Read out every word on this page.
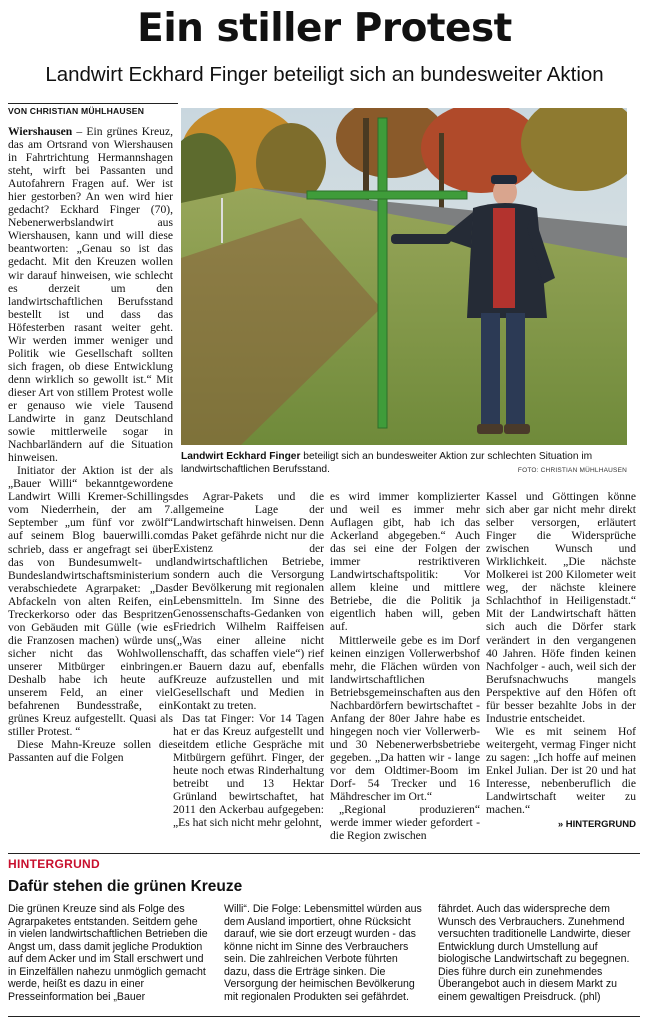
Ein stiller Protest
Landwirt Eckhard Finger beteiligt sich an bundesweiter Aktion
VON CHRISTIAN MÜHLHAUSEN

Wiershausen – Ein grünes Kreuz, das am Ortsrand von Wiershausen in Fahrtrichtung Hermannshagen steht, wirft bei Passanten und Autofahrern Fragen auf. Wer ist hier gestorben? An wen wird hier gedacht? Eckhard Finger (70), Nebenerwerbslandwirt aus Wiershausen, kann und will diese beantworten: „Genau so ist das gedacht. Mit den Kreuzen wollen wir darauf hinweisen, wie schlecht es derzeit um den landwirtschaftlichen Berufsstand bestellt ist und dass das Höfesterben rasant weiter geht. Wir werden immer weniger und Politik wie Gesellschaft sollten sich fragen, ob diese Entwicklung denn wirklich so gewollt ist.“ Mit dieser Art von stillem Protest wolle er genauso wie viele Tausend Landwirte in ganz Deutschland sowie mittlerweile sogar in Nachbarländern auf die Situation hinweisen.

Initiator der Aktion ist der als „Bauer Willi“ bekanntgewordene Landwirt Willi Kremer-Schillings vom Niederrhein, der am 7. September „um fünf vor zwölf“ auf seinem Blog bauerwilli.com schrieb, dass er angefragt sei über das von Bundesumwelt- und Bundeslandwirtschaftsministerium verabschiedete Agrarpaket: „Das Abfackeln von alten Reifen, ein Treckerkorso oder das Bespritzen von Gebäuden mit Gülle (wie es die Franzosen machen) würde uns sicher nicht das Wohlwollen unserer Mitbürger einbringen. Deshalb habe ich heute auf unserem Feld, an einer viel befahrenen Bundesstraße, ein grünes Kreuz aufgestellt. Quasi als stiller Protest. “

Diese Mahn-Kreuze sollen die Passanten auf die Folgen

Landwirt Eckhard Finger beteiligt sich an bundesweiter Aktion zur schlechten Situation im landwirtschaftlichen Berufsstand.	FOTO: CHRISTIAN MÜHLHAUSEN

des Agrar-Pakets und die allgemeine Lage der Landwirtschaft hinweisen. Denn das Paket gefährde nicht nur die Existenz der landwirtschaftlichen Betriebe, sondern auch die Versorgung der Bevölkerung mit regionalen Lebensmitteln. Im Sinne des Genossenschafts-Gedanken von Friedrich Wilhelm Raiffeisen („Was einer alleine nicht schafft, das schaffen viele“) rief er Bauern dazu auf, ebenfalls Kreuze aufzustellen und mit Gesellschaft und Medien in Kontakt zu treten.

Das tat Finger: Vor 14 Tagen hat er das Kreuz aufgestellt und seitdem etliche Gespräche mit Mitbürgern geführt. Finger, der heute noch etwas Rinderhaltung betreibt und 13 Hektar Grünland bewirtschaftet, hat 2011 den Ackerbau aufgegeben: „Es hat sich nicht mehr gelohnt,

es wird immer komplizierter und weil es immer mehr Auflagen gibt, hab ich das Ackerland abgegeben.“ Auch das sei eine der Folgen der immer restriktiveren Landwirtschaftspolitik: Vor allem kleine und mittlere Betriebe, die die Politik ja eigentlich haben will, geben auf.

Mittlerweile gebe es im Dorf keinen einzigen Vollerwerbshof mehr, die Flächen würden von landwirtschaftlichen Betriebsgemeinschaften aus den Nachbardörfern bewirtschaftet - Anfang der 80er Jahre habe es hingegen noch vier Vollerwerb- und 30 Nebenerwerbsbetriebe gegeben. „Da hatten wir - lange vor dem Oldtimer-Boom im Dorf- 54 Trecker und 16 Mähdrescher im Ort.“

„Regional produzieren“ werde immer wieder gefordert - die Region zwischen

Kassel und Göttingen könne sich aber gar nicht mehr direkt selber versorgen, erläutert Finger die Widersprüche zwischen Wunsch und Wirklichkeit. „Die nächste Molkerei ist 200 Kilometer weit weg, der nächste kleinere Schlachthof in Heiligenstadt.“ Mit der Landwirtschaft hätten sich auch die Dörfer stark verändert in den vergangenen 40 Jahren. Höfe finden keinen Nachfolger - auch, weil sich der Berufsnachwuchs mangels Perspektive auf den Höfen oft für besser bezahlte Jobs in der Industrie entscheidet.

Wie es mit seinem Hof weitergeht, vermag Finger nicht zu sagen: „Ich hoffe auf meinen Enkel Julian. Der ist 20 und hat Interesse, nebenberuflich die Landwirtschaft weiter zu machen.“

» HINTERGRUND
HINTERGRUND
Dafür stehen die grünen Kreuze

Die grünen Kreuze sind als Folge des Agrarpaketes entstanden. Seitdem gehe in vielen landwirtschaftlichen Betrieben die Angst um, dass damit jegliche Produktion auf dem Acker und im Stall erschwert und in Einzelfällen nahezu unmöglich gemacht werde, heißt es dazu in einer Presseinformation bei „Bauer

Willi“. Die Folge: Lebensmittel würden aus dem Ausland importiert, ohne Rücksicht darauf, wie sie dort erzeugt wurden - das könne nicht im Sinne des Verbrauchers sein. Die zahlreichen Verbote führten dazu, dass die Erträge sinken. Die Versorgung der heimischen Bevölkerung mit regionalen Produkten sei gefährdet.

fährdet. Auch das widerspreche dem Wunsch des Verbrauchers. Zunehmend versuchten traditionelle Landwirte, dieser Entwicklung durch Umstellung auf biologische Landwirtschaft zu begegnen. Dies führe durch ein zunehmendes Überangebot auch in diesem Markt zu einem gewaltigen Preisdruck. (phl)
